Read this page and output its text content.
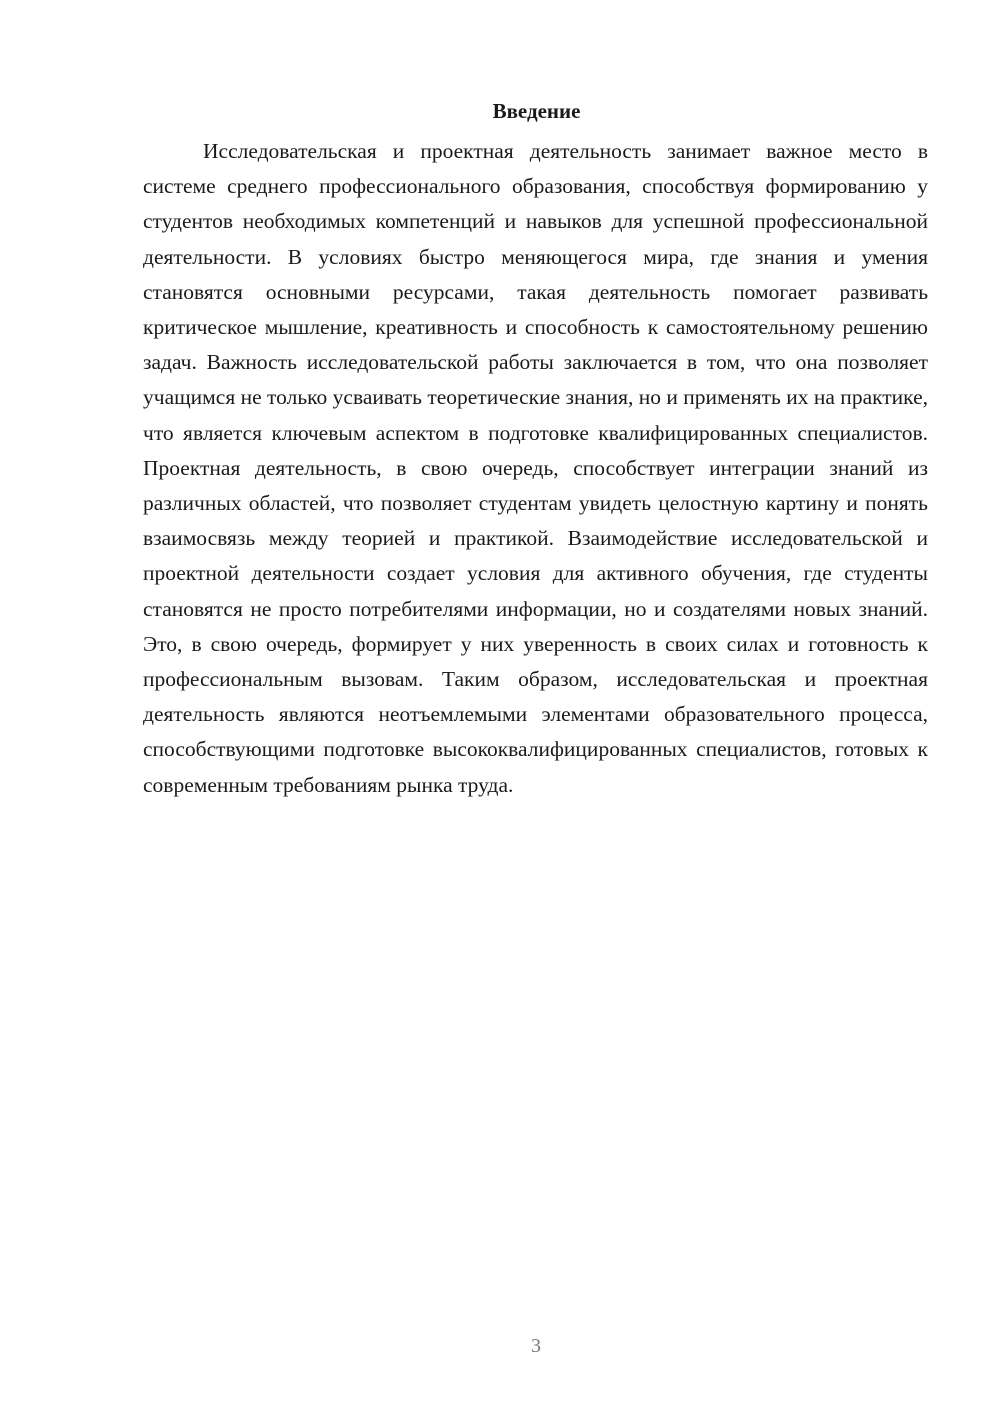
Введение

Исследовательская и проектная деятельность занимает важное место в системе среднего профессионального образования, способствуя формированию у студентов необходимых компетенций и навыков для успешной профессиональной деятельности. В условиях быстро меняющегося мира, где знания и умения становятся основными ресурсами, такая деятельность помогает развивать критическое мышление, креативность и способность к самостоятельному решению задач. Важность исследовательской работы заключается в том, что она позволяет учащимся не только усваивать теоретические знания, но и применять их на практике, что является ключевым аспектом в подготовке квалифицированных специалистов. Проектная деятельность, в свою очередь, способствует интеграции знаний из различных областей, что позволяет студентам увидеть целостную картину и понять взаимосвязь между теорией и практикой. Взаимодействие исследовательской и проектной деятельности создает условия для активного обучения, где студенты становятся не просто потребителями информации, но и создателями новых знаний. Это, в свою очередь, формирует у них уверенность в своих силах и готовность к профессиональным вызовам. Таким образом, исследовательская и проектная деятельность являются неотъемлемыми элементами образовательного процесса, способствующими подготовке высококвалифицированных специалистов, готовых к современным требованиям рынка труда.

3
